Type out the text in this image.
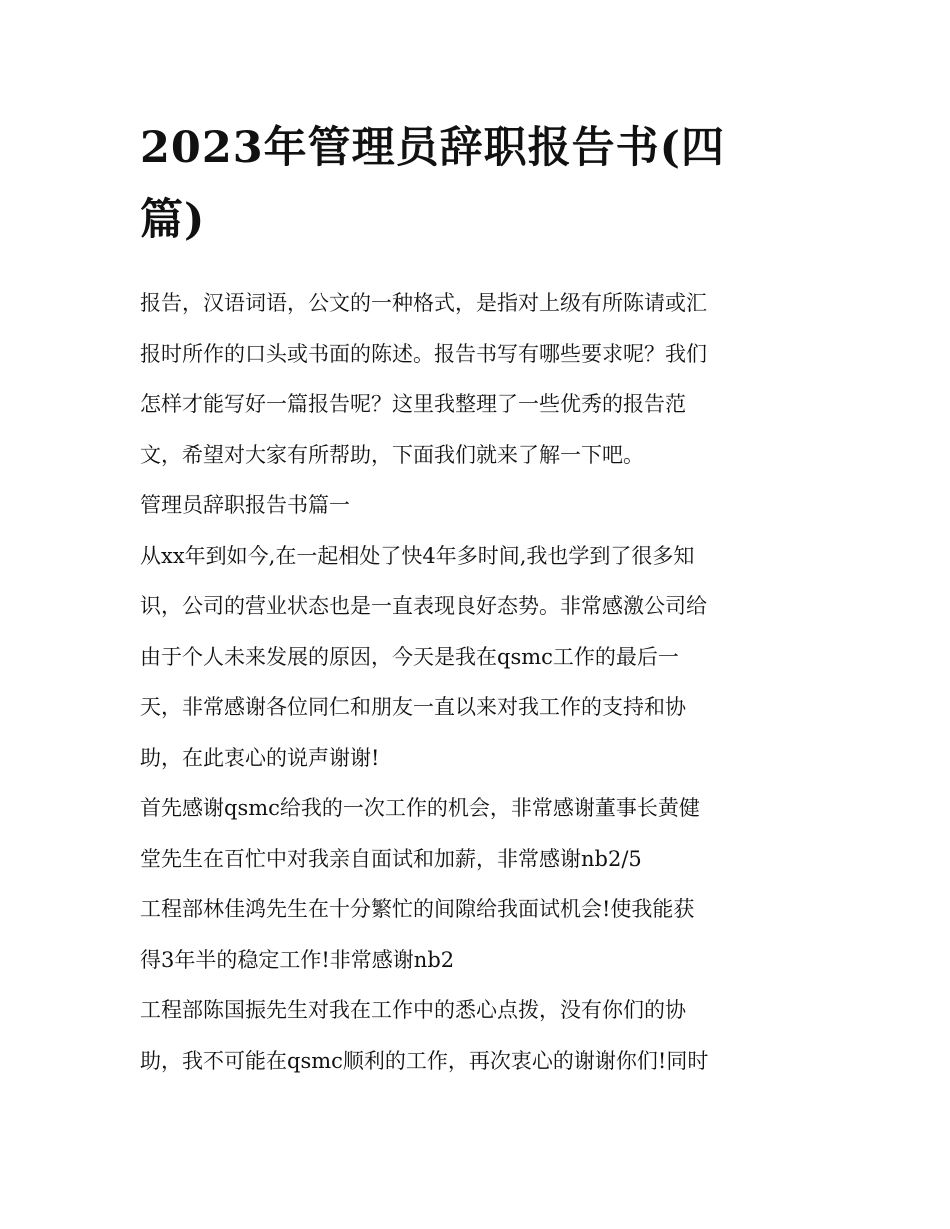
2023年管理员辞职报告书(四
篇)
报告，汉语词语，公文的一种格式，是指对上级有所陈请或汇
报时所作的口头或书面的陈述。报告书写有哪些要求呢？我们
怎样才能写好一篇报告呢？这里我整理了一些优秀的报告范
文，希望对大家有所帮助，下面我们就来了解一下吧。
管理员辞职报告书篇一
从xx年到如今,在一起相处了快4年多时间,我也学到了很多知
识，公司的营业状态也是一直表现良好态势。非常感激公司给
由于个人未来发展的原因，今天是我在qsmc工作的最后一
天，非常感谢各位同仁和朋友一直以来对我工作的支持和协
助，在此衷心的说声谢谢!
首先感谢qsmc给我的一次工作的机会，非常感谢董事长黄健
堂先生在百忙中对我亲自面试和加薪，非常感谢nb2/5
工程部林佳鸿先生在十分繁忙的间隙给我面试机会!使我能获
得3年半的稳定工作!非常感谢nb2
工程部陈国振先生对我在工作中的悉心点拨，没有你们的协
助，我不可能在qsmc顺利的工作，再次衷心的谢谢你们!同时
